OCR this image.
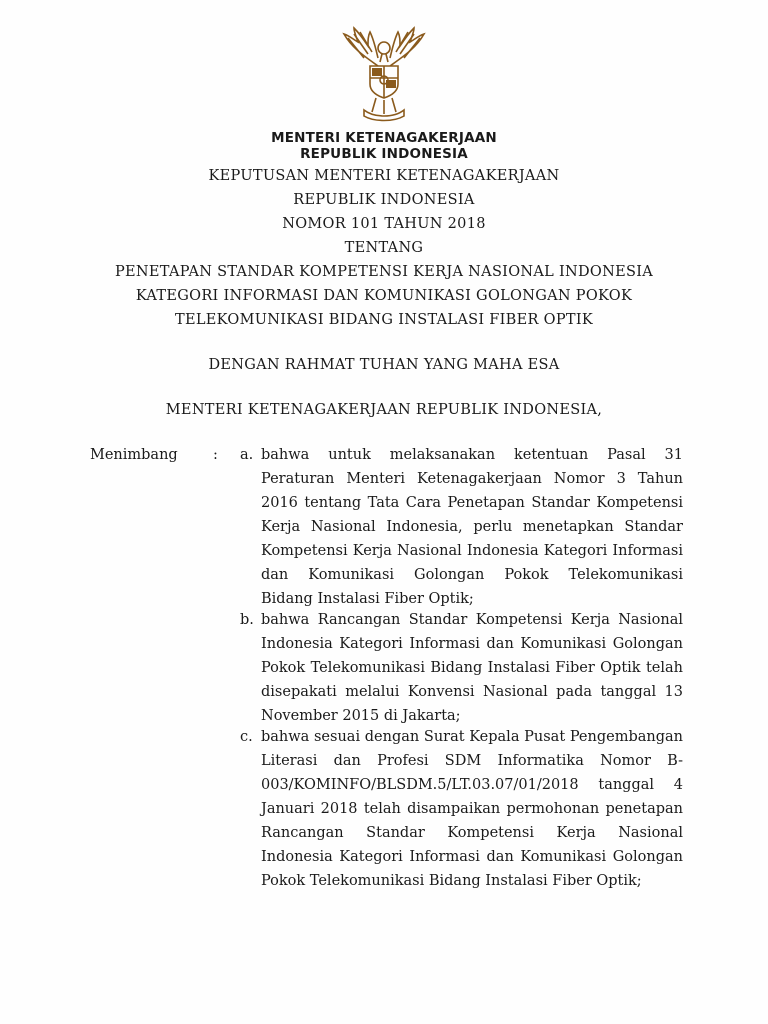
MENTERI KETENAGAKERJAAN
REPUBLIK INDONESIA
KEPUTUSAN MENTERI KETENAGAKERJAAN
REPUBLIK INDONESIA
NOMOR 101 TAHUN 2018
TENTANG
PENETAPAN STANDAR KOMPETENSI KERJA NASIONAL INDONESIA
KATEGORI INFORMASI DAN KOMUNIKASI GOLONGAN POKOK
TELEKOMUNIKASI BIDANG INSTALASI FIBER OPTIK
DENGAN RAHMAT TUHAN YANG MAHA ESA
MENTERI KETENAGAKERJAAN REPUBLIK INDONESIA,
Menimbang : a. bahwa untuk melaksanakan ketentuan Pasal 31
Peraturan Menteri Ketenagakerjaan Nomor 3 Tahun
2016 tentang Tata Cara Penetapan Standar Kompetensi
Kerja Nasional Indonesia, perlu menetapkan Standar
Kompetensi Kerja Nasional Indonesia Kategori Informasi
dan Komunikasi Golongan Pokok Telekomunikasi
Bidang Instalasi Fiber Optik;
b. bahwa Rancangan Standar Kompetensi Kerja Nasional
Indonesia Kategori Informasi dan Komunikasi Golongan
Pokok Telekomunikasi Bidang Instalasi Fiber Optik telah
disepakati melalui Konvensi Nasional pada tanggal 13
November 2015 di Jakarta;
c. bahwa sesuai dengan Surat Kepala Pusat Pengembangan
Literasi dan Profesi SDM Informatika Nomor B-
003/KOMINFO/BLSDM.5/LT.03.07/01/2018 tanggal 4
Januari 2018 telah disampaikan permohonan penetapan
Rancangan Standar Kompetensi Kerja Nasional
Indonesia Kategori Informasi dan Komunikasi Golongan
Pokok Telekomunikasi Bidang Instalasi Fiber Optik;
